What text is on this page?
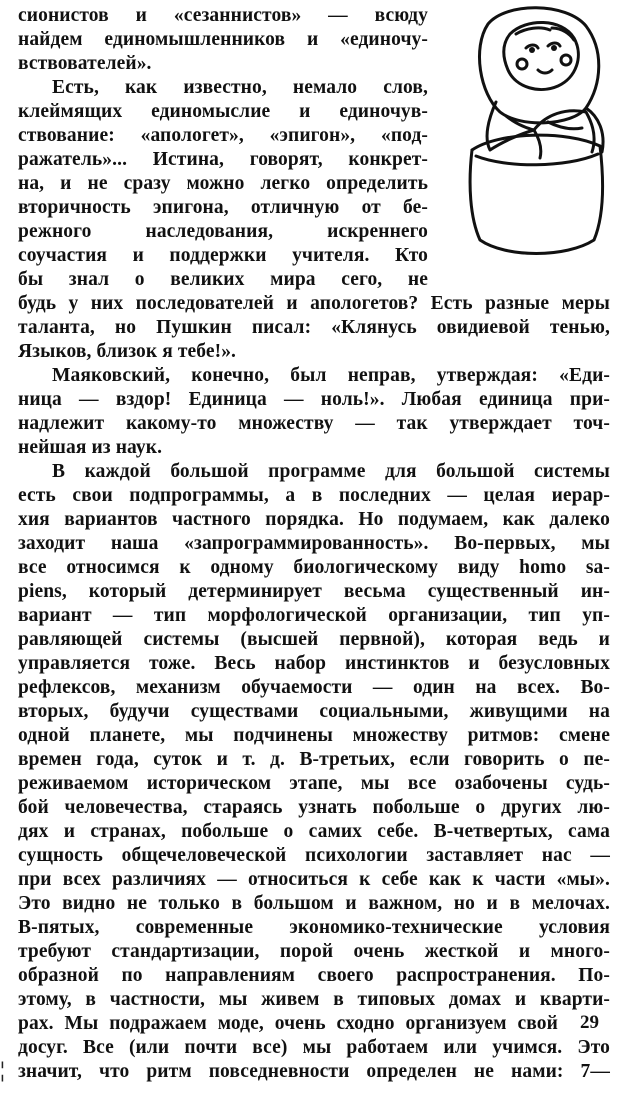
сионистов и «сезаннистов» — всюду
найдем единомышленников и «единочу-
вствователей».
Есть, как известно, немало слов,
клеймящих единомыслие и единочув-
ствование: «апологет», «эпигон», «под-
ражатель»... Истина, говорят, конкрет-
на, и не сразу можно легко определить
вторичность эпигона, отличную от бе-
режного наследования, искреннего
соучастия и поддержки учителя. Кто
бы знал о великих мира сего, не
будь у них последователей и апологетов? Есть разные меры
таланта, но Пушкин писал: «Клянусь овидиевой тенью,
Языков, близок я тебе!».
Маяковский, конечно, был неправ, утверждая: «Еди-
ница — вздор! Единица — ноль!». Любая единица при-
надлежит какому-то множеству — так утверждает точ-
нейшая из наук.
В каждой большой программе для большой системы
есть свои подпрограммы, а в последних — целая иерар-
хия вариантов частного порядка. Но подумаем, как далеко
заходит наша «запрограммированность». Во-первых, мы
все относимся к одному биологическому виду homo sa-
piens, который детерминирует весьма существенный ин-
вариант — тип морфологической организации, тип уп-
равляющей системы (высшей первной), которая ведь и
управляется тоже. Весь набор инстинктов и безусловных
рефлексов, механизм обучаемости — один на всех. Во-
вторых, будучи существами социальными, живущими на
одной планете, мы подчинены множеству ритмов: смене
времен года, суток и т. д. В-третьих, если говорить о пе-
реживаемом историческом этапе, мы все озабочены судь-
бой человечества, стараясь узнать побольше о других лю-
дях и странах, побольше о самих себе. В-четвертых, сама
сущность общечеловеческой психологии заставляет нас —
при всех различиях — относиться к себе как к части «мы».
Это видно не только в большом и важном, но и в мелочах.
В-пятых, современные экономико-технические условия
требуют стандартизации, порой очень жесткой и много-
образной по направлениям своего распространения. По-
этому, в частности, мы живем в типовых домах и кварти-
рах. Мы подражаем моде, очень сходно организуем свой
досуг. Все (или почти все) мы работаем или учимся. Это
значит, что ритм повседневности определен не нами: 7—
29
¦
